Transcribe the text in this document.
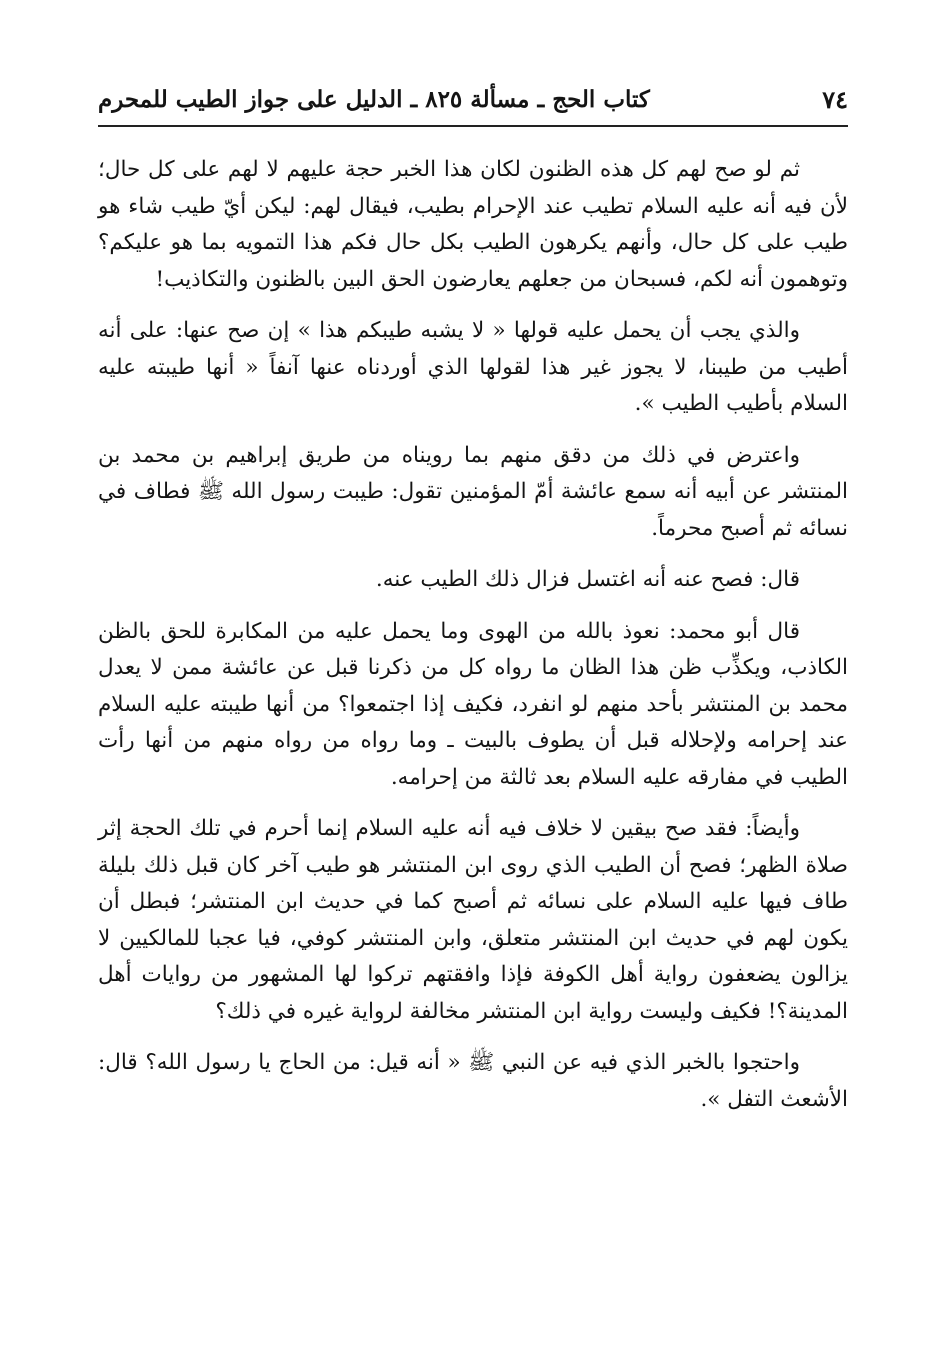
٧٤
كتاب الحج ـ مسألة ٨٢٥ ـ الدليل على جواز الطيب للمحرم

ثم لو صح لهم كل هذه الظنون لكان هذا الخبر حجة عليهم لا لهم على كل حال؛ لأن فيه أنه عليه السلام تطيب عند الإحرام بطيب، فيقال لهم: ليكن أيّ طيب شاء هو طيب على كل حال، وأنهم يكرهون الطيب بكل حال فكم هذا التمويه بما هو عليكم؟ وتوهمون أنه لكم، فسبحان من جعلهم يعارضون الحق البين بالظنون والتكاذيب!

والذي يجب أن يحمل عليه قولها « لا يشبه طيبكم هذا » إن صح عنها: على أنه أطيب من طيبنا، لا يجوز غير هذا لقولها الذي أوردناه عنها آنفاً « أنها طيبته عليه السلام بأطيب الطيب ».

واعترض في ذلك من دقق منهم بما رويناه من طريق إبراهيم بن محمد بن المنتشر عن أبيه أنه سمع عائشة أمّ المؤمنين تقول: طيبت رسول الله ﷺ فطاف في نسائه ثم أصبح محرماً.

قال: فصح عنه أنه اغتسل فزال ذلك الطيب عنه.

قال أبو محمد: نعوذ بالله من الهوى وما يحمل عليه من المكابرة للحق بالظن الكاذب، ويكذِّب ظن هذا الظان ما رواه كل من ذكرنا قبل عن عائشة ممن لا يعدل محمد بن المنتشر بأحد منهم لو انفرد، فكيف إذا اجتمعوا؟ من أنها طيبته عليه السلام عند إحرامه ولإحلاله قبل أن يطوف بالبيت ـ وما رواه من رواه منهم من أنها رأت الطيب في مفارقه عليه السلام بعد ثالثة من إحرامه.

وأيضاً: فقد صح بيقين لا خلاف فيه أنه عليه السلام إنما أحرم في تلك الحجة إثر صلاة الظهر؛ فصح أن الطيب الذي روى ابن المنتشر هو طيب آخر كان قبل ذلك بليلة طاف فيها عليه السلام على نسائه ثم أصبح كما في حديث ابن المنتشر؛ فبطل أن يكون لهم في حديث ابن المنتشر متعلق، وابن المنتشر كوفي، فيا عجبا للمالكيين لا يزالون يضعفون رواية أهل الكوفة فإذا وافقتهم تركوا لها المشهور من روايات أهل المدينة؟! فكيف وليست رواية ابن المنتشر مخالفة لرواية غيره في ذلك؟

واحتجوا بالخبر الذي فيه عن النبي ﷺ « أنه قيل: من الحاج يا رسول الله؟ قال: الأشعث التفل ».
